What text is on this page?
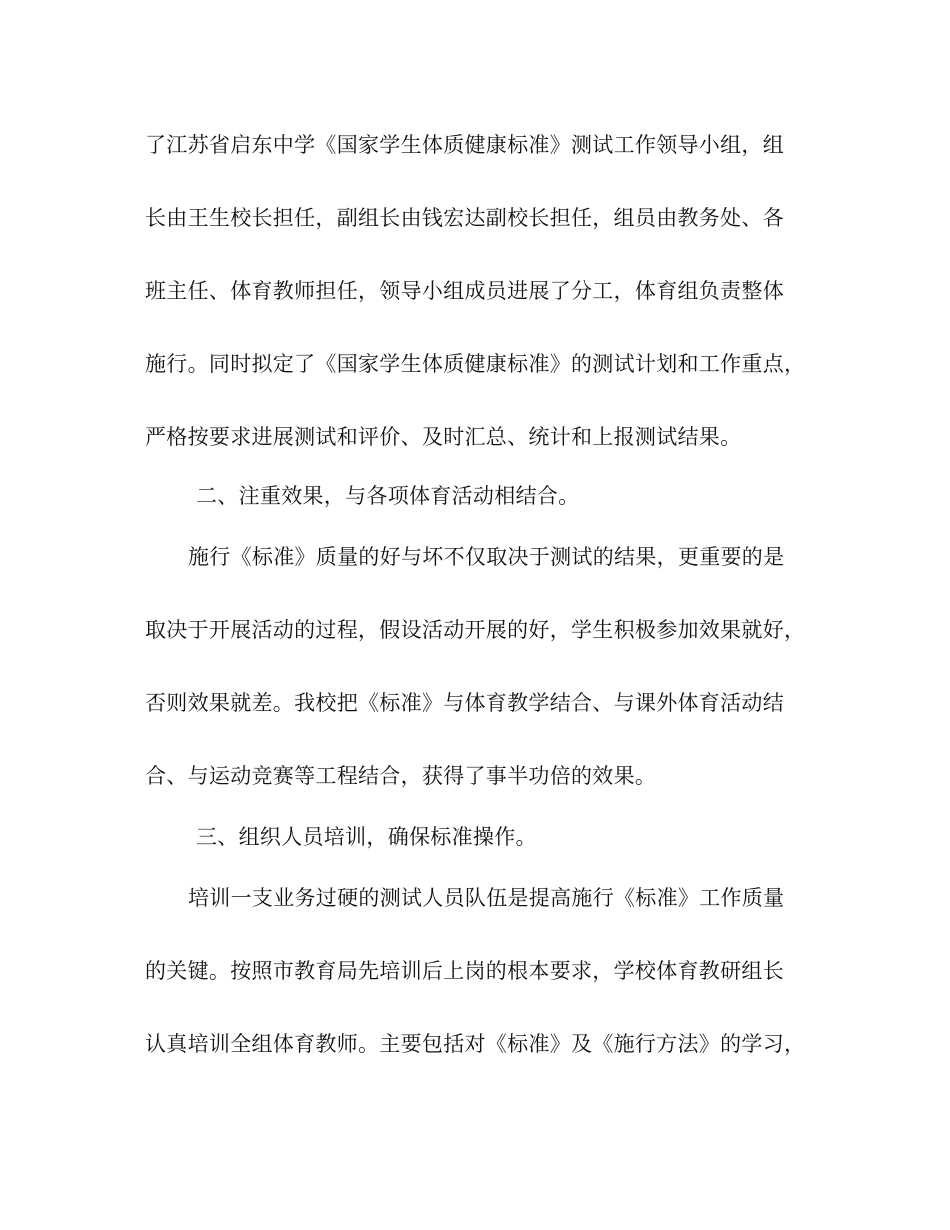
了江苏省启东中学《国家学生体质健康标准》测试工作领导小组，组
长由王生校长担任，副组长由钱宏达副校长担任，组员由教务处、各
班主任、体育教师担任，领导小组成员进展了分工，体育组负责整体
施行。同时拟定了《国家学生体质健康标准》的测试计划和工作重点，
严格按要求进展测试和评价、及时汇总、统计和上报测试结果。
二、注重效果，与各项体育活动相结合。
施行《标准》质量的好与坏不仅取决于测试的结果，更重要的是
取决于开展活动的过程，假设活动开展的好，学生积极参加效果就好，
否则效果就差。我校把《标准》与体育教学结合、与课外体育活动结
合、与运动竞赛等工程结合，获得了事半功倍的效果。
三、组织人员培训，确保标准操作。
培训一支业务过硬的测试人员队伍是提高施行《标准》工作质量
的关键。按照市教育局先培训后上岗的根本要求，学校体育教研组长
认真培训全组体育教师。主要包括对《标准》及《施行方法》的学习，
